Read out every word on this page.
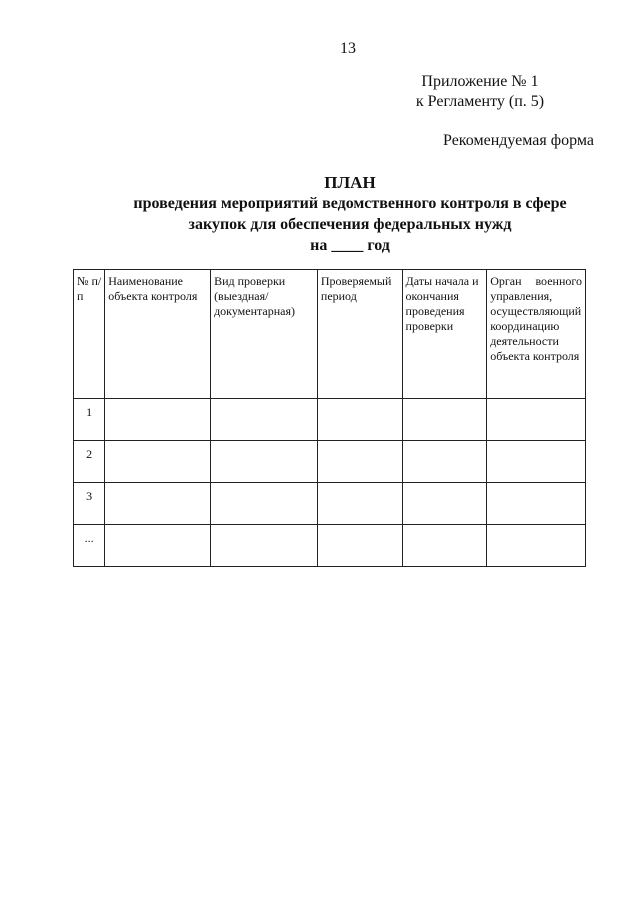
13
Приложение № 1
к Регламенту (п. 5)
Рекомендуемая форма
ПЛАН
проведения мероприятий ведомственного контроля в сфере
закупок для обеспечения федеральных нужд
на ____ год
№ п/п	Наименование объекта контроля	Вид проверки (выездная/ документарная)	Проверяемый период	Даты начала и окончания проведения проверки	Орган военного управления, осуществляющий координацию деятельности объекта контроля
1					
2					
3					
...					
